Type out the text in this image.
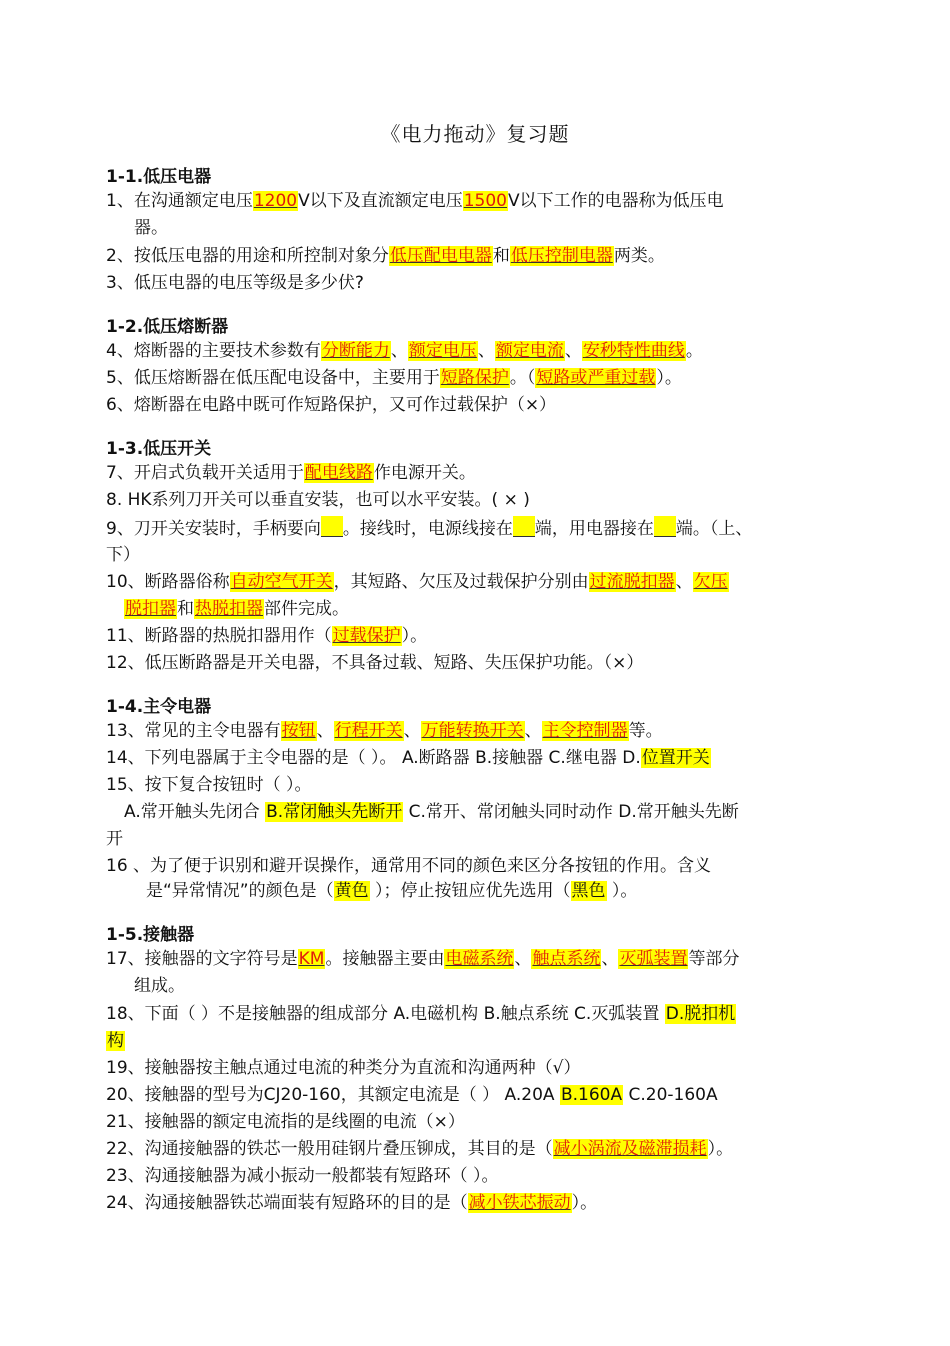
《电力拖动》复习题
1-1.低压电器
1、在沟通额定电压1200V以下及直流额定电压1500V以下工作的电器称为低压电
器。
2、按低压电器的用途和所控制对象分低压配电电器和低压控制电器两类。
3、低压电器的电压等级是多少伏?
1-2.低压熔断器
4、熔断器的主要技术参数有分断能力、额定电压、额定电流、安秒特性曲线。
5、低压熔断器在低压配电设备中，主要用于短路保护。（短路或严重过载）。
6、熔断器在电路中既可作短路保护，又可作过载保护（×）
1-3.低压开关
7、开启式负载开关适用于配电线路作电源开关。
8. HK系列刀开关可以垂直安装，也可以水平安装。( × )
9、刀开关安装时，手柄要向 。接线时，电源线接在 端，用电器接在 端。（上、
下）
10、断路器俗称自动空气开关，其短路、欠压及过载保护分别由过流脱扣器、欠压
脱扣器和热脱扣器部件完成。
11、断路器的热脱扣器用作（过载保护）。
12、低压断路器是开关电器，不具备过载、短路、失压保护功能。（×）
1-4.主令电器
13、常见的主令电器有按钮、行程开关、万能转换开关、主令控制器等。
14、下列电器属于主令电器的是（ ）。 A.断路器 B.接触器 C.继电器 D.位置开关
15、按下复合按钮时（ ）。
A.常开触头先闭合 B.常闭触头先断开 C.常开、常闭触头同时动作 D.常开触头先断
开
16 、为了便于识别和避开误操作，通常用不同的颜色来区分各按钮的作用。含义
是“异常情况”的颜色是（黄色 ）；停止按钮应优先选用（黑色 ）。
1-5.接触器
17、接触器的文字符号是KM。接触器主要由电磁系统、触点系统、灭弧装置等部分
组成。
18、下面（ ）不是接触器的组成部分 A.电磁机构 B.触点系统 C.灭弧装置 D.脱扣机
构
19、接触器按主触点通过电流的种类分为直流和沟通两种（√）
20、接触器的型号为CJ20-160，其额定电流是（ ） A.20A B.160A C.20-160A
21、接触器的额定电流指的是线圈的电流（×）
22、沟通接触器的铁芯一般用硅钢片叠压铆成，其目的是（减小涡流及磁滞损耗）。
23、沟通接触器为减小振动一般都装有短路环（ ）。
24、沟通接触器铁芯端面装有短路环的目的是（减小铁芯振动）。
